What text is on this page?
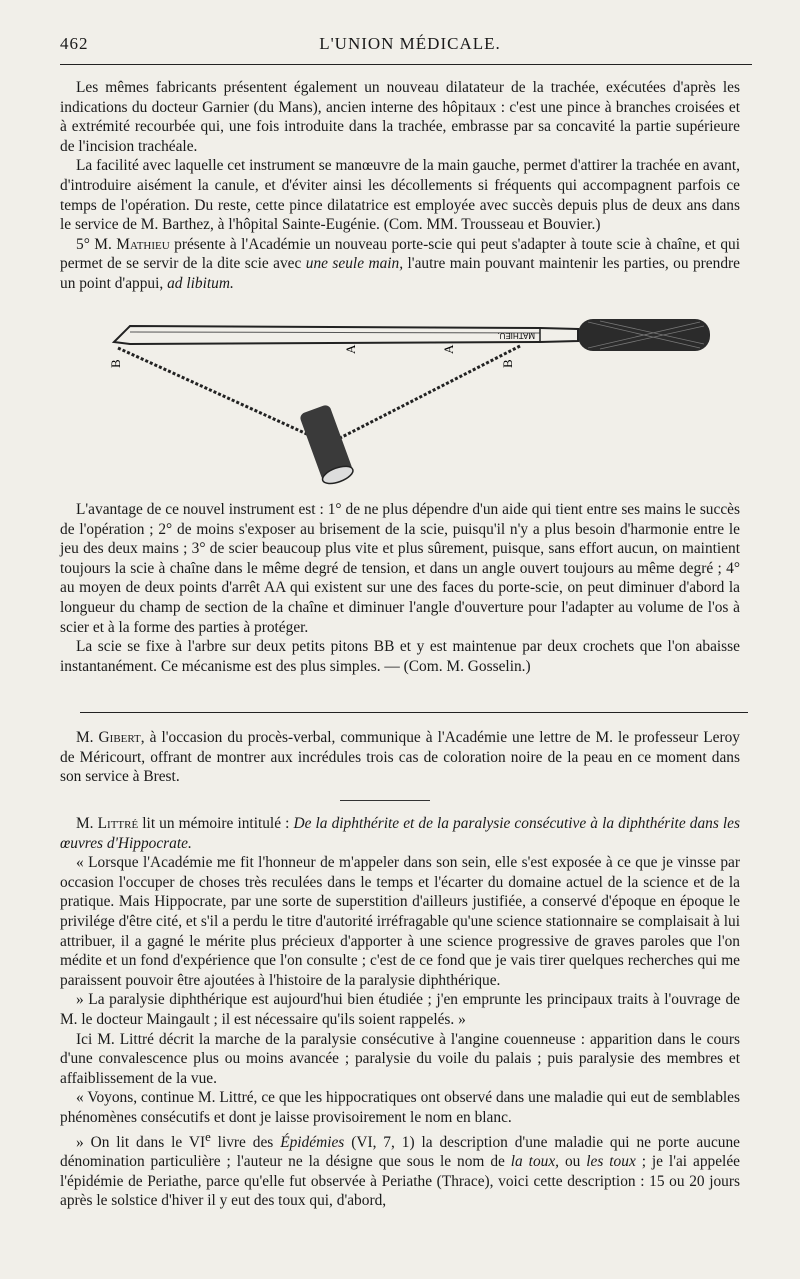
462	L'UNION MÉDICALE.

Les mêmes fabricants présentent également un nouveau dilatateur de la trachée, exécutées d'après les indications du docteur Garnier (du Mans), ancien interne des hôpitaux : c'est une pince à branches croisées et à extrémité recourbée qui, une fois introduite dans la trachée, embrasse par sa concavité la partie supérieure de l'incision trachéale.

La facilité avec laquelle cet instrument se manœuvre de la main gauche, permet d'attirer la trachée en avant, d'introduire aisément la canule, et d'éviter ainsi les décollements si fréquents qui accompagnent parfois ce temps de l'opération. Du reste, cette pince dilatatrice est employée avec succès depuis plus de deux ans dans le service de M. Barthez, à l'hôpital Sainte-Eugénie. (Com. MM. Trousseau et Bouvier.)

5° M. Mathieu présente à l'Académie un nouveau porte-scie qui peut s'adapter à toute scie à chaîne, et qui permet de se servir de la dite scie avec une seule main, l'autre main pouvant maintenir les parties, ou prendre un point d'appui, ad libitum.

B	B
A	A
MATHIEU.

L'avantage de ce nouvel instrument est : 1° de ne plus dépendre d'un aide qui tient entre ses mains le succès de l'opération ; 2° de moins s'exposer au brisement de la scie, puisqu'il n'y a plus besoin d'harmonie entre le jeu des deux mains ; 3° de scier beaucoup plus vite et plus sûrement, puisque, sans effort aucun, on maintient toujours la scie à chaîne dans le même degré de tension, et dans un angle ouvert toujours au même degré ; 4° au moyen de deux points d'arrêt AA qui existent sur une des faces du porte-scie, on peut diminuer d'abord la longueur du champ de section de la chaîne et diminuer l'angle d'ouverture pour l'adapter au volume de l'os à scier et à la forme des parties à protéger.

La scie se fixe à l'arbre sur deux petits pitons BB et y est maintenue par deux crochets que l'on abaisse instantanément. Ce mécanisme est des plus simples. — (Com. M. Gosselin.)

M. Gibert, à l'occasion du procès-verbal, communique à l'Académie une lettre de M. le professeur Leroy de Méricourt, offrant de montrer aux incrédules trois cas de coloration noire de la peau en ce moment dans son service à Brest.

M. Littré lit un mémoire intitulé : De la diphthérite et de la paralysie consécutive à la diphthérite dans les œuvres d'Hippocrate.

« Lorsque l'Académie me fit l'honneur de m'appeler dans son sein, elle s'est exposée à ce que je vinsse par occasion l'occuper de choses très reculées dans le temps et l'écarter du domaine actuel de la science et de la pratique. Mais Hippocrate, par une sorte de superstition d'ailleurs justifiée, a conservé d'époque en époque le privilége d'être cité, et s'il a perdu le titre d'autorité irréfragable qu'une science stationnaire se complaisait à lui attribuer, il a gagné le mérite plus précieux d'apporter à une science progressive de graves paroles que l'on médite et un fond d'expérience que l'on consulte ; c'est de ce fond que je vais tirer quelques recherches qui me paraissent pouvoir être ajoutées à l'histoire de la paralysie diphthérique.

» La paralysie diphthérique est aujourd'hui bien étudiée ; j'en emprunte les principaux traits à l'ouvrage de M. le docteur Maingault ; il est nécessaire qu'ils soient rappelés. »

Ici M. Littré décrit la marche de la paralysie consécutive à l'angine couenneuse : apparition dans le cours d'une convalescence plus ou moins avancée ; paralysie du voile du palais ; puis paralysie des membres et affaiblissement de la vue.

« Voyons, continue M. Littré, ce que les hippocratiques ont observé dans une maladie qui eut de semblables phénomènes consécutifs et dont je laisse provisoirement le nom en blanc.

» On lit dans le VIe livre des Épidémies (VI, 7, 1) la description d'une maladie qui ne porte aucune dénomination particulière ; l'auteur ne la désigne que sous le nom de la toux, ou les toux ; je l'ai appelée l'épidémie de Periathe, parce qu'elle fut observée à Periathe (Thrace), voici cette description : 15 ou 20 jours après le solstice d'hiver il y eut des toux qui, d'abord,
